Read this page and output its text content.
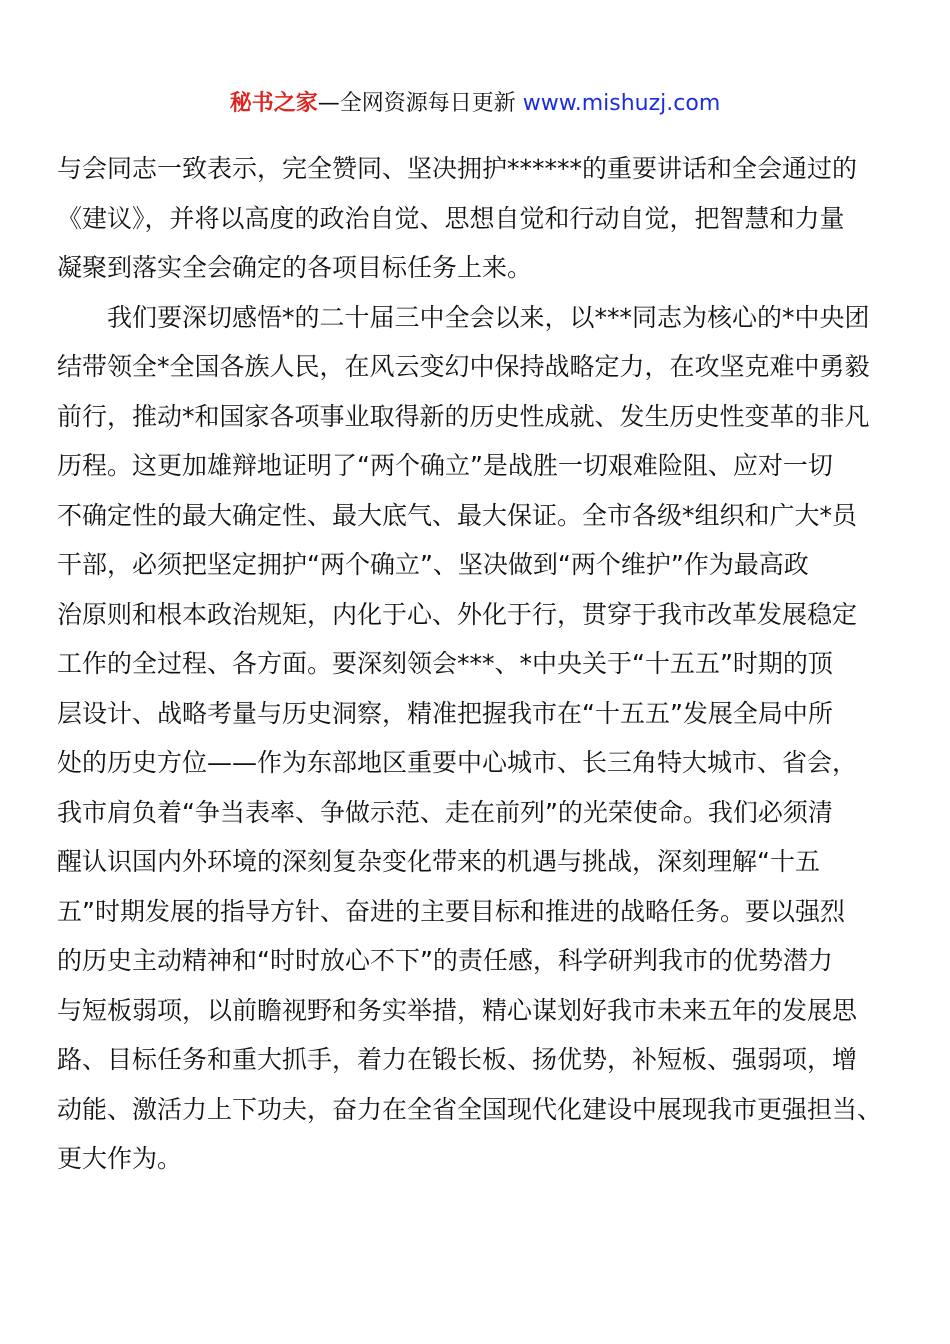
秘书之家—全网资源每日更新 www.mishuzj.com
与会同志一致表示，完全赞同、坚决拥护******的重要讲话和全会通过的
《建议》，并将以高度的政治自觉、思想自觉和行动自觉，把智慧和力量
凝聚到落实全会确定的各项目标任务上来。
我们要深切感悟*的二十届三中全会以来，以***同志为核心的*中央团
结带领全*全国各族人民，在风云变幻中保持战略定力，在攻坚克难中勇毅
前行，推动*和国家各项事业取得新的历史性成就、发生历史性变革的非凡
历程。这更加雄辩地证明了“两个确立”是战胜一切艰难险阻、应对一切
不确定性的最大确定性、最大底气、最大保证。全市各级*组织和广大*员
干部，必须把坚定拥护“两个确立”、坚决做到“两个维护”作为最高政
治原则和根本政治规矩，内化于心、外化于行，贯穿于我市改革发展稳定
工作的全过程、各方面。要深刻领会***、*中央关于“十五五”时期的顶
层设计、战略考量与历史洞察，精准把握我市在“十五五”发展全局中所
处的历史方位——作为东部地区重要中心城市、长三角特大城市、省会，
我市肩负着“争当表率、争做示范、走在前列”的光荣使命。我们必须清
醒认识国内外环境的深刻复杂变化带来的机遇与挑战，深刻理解“十五
五”时期发展的指导方针、奋进的主要目标和推进的战略任务。要以强烈
的历史主动精神和“时时放心不下”的责任感，科学研判我市的优势潜力
与短板弱项，以前瞻视野和务实举措，精心谋划好我市未来五年的发展思
路、目标任务和重大抓手，着力在锻长板、扬优势，补短板、强弱项，增
动能、激活力上下功夫，奋力在全省全国现代化建设中展现我市更强担当、
更大作为。
